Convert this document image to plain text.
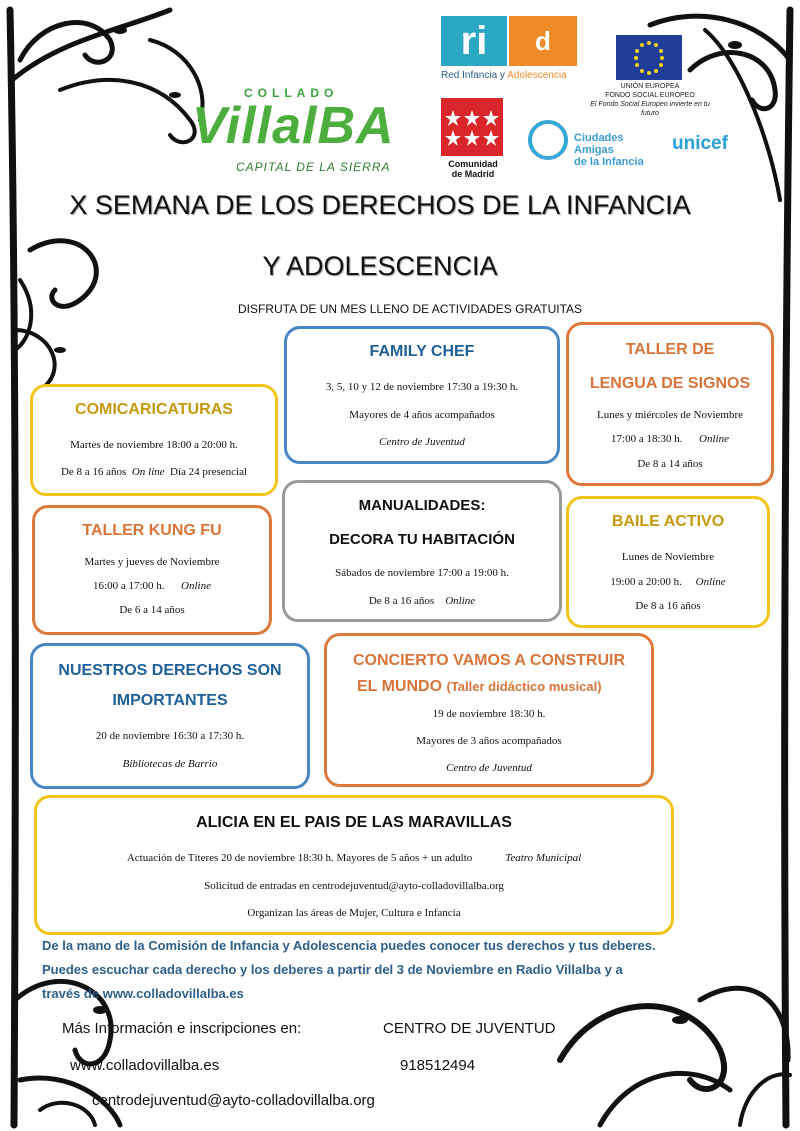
COLLADO
VillalBA
CAPITAL DE LA SIERRA
ri	d
Red Infancia y Adolescencia
UNIÓN EUROPEA
FONDO SOCIAL EUROPEO
El Fondo Social Europeo invierte en tu futuro
Comunidad
de Madrid
Ciudades
Amigas
de la Infancia
unicef
X SEMANA DE LOS DERECHOS DE LA INFANCIA
Y ADOLESCENCIA
DISFRUTA DE UN MES LLENO DE ACTIVIDADES GRATUITAS
FAMILY CHEF
3, 5, 10 y 12 de noviembre 17:30 a 19:30 h.
Mayores de 4 años acompañados
Centro de Juventud
TALLER DE
LENGUA DE SIGNOS
Lunes y miércoles de Noviembre
17:00 a 18:30 h. Online
De 8 a 14 años
COMICARICATURAS
Martes de noviembre 18:00 a 20:00 h.
De 8 a 16 años On line Día 24 presencial
MANUALIDADES:
DECORA TU HABITACIÓN
Sábados de noviembre 17:00 a 19:00 h.
De 8 a 16 años Online
TALLER KUNG FU
Martes y jueves de Noviembre
16:00 a 17:00 h. Online
De 6 a 14 años
BAILE ACTIVO
Lunes de Noviembre
19:00 a 20:00 h. Online
De 8 a 16 años
NUESTROS DERECHOS SON
IMPORTANTES
20 de noviembre 16:30 a 17:30 h.
Bibliotecas de Barrio
CONCIERTO VAMOS A CONSTRUIR
EL MUNDO (Taller didáctico musical)
19 de noviembre 18:30 h.
Mayores de 3 años acompañados
Centro de Juventud
ALICIA EN EL PAIS DE LAS MARAVILLAS
Actuación de Títeres 20 de noviembre 18:30 h. Mayores de 5 años + un adulto	Teatro Municipal
Solicitud de entradas en centrodejuventud@ayto-colladovillalba.org
Organizan las áreas de Mujer, Cultura e Infancia
De la mano de la Comisión de Infancia y Adolescencia puedes conocer tus derechos y tus deberes.
Puedes escuchar cada derecho y los deberes a partir del 3 de Noviembre en Radio Villalba y a
través de www.colladovillalba.es
Más Información e inscripciones en:	CENTRO DE JUVENTUD
www.colladovillalba.es	918512494
centrodejuventud@ayto-colladovillalba.org
